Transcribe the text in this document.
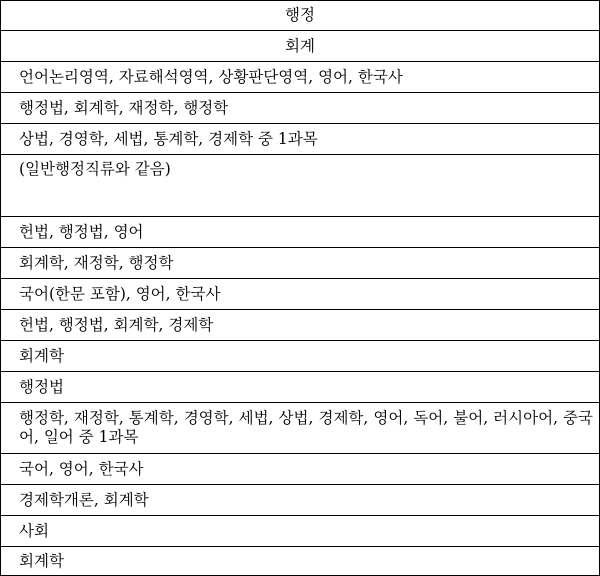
행정
회계
언어논리영역, 자료해석영역, 상황판단영역, 영어, 한국사
행정법, 회계학, 재정학, 행정학
상법, 경영학, 세법, 통계학, 경제학 중 1과목
(일반행정직류와 같음)
헌법, 행정법, 영어
회계학, 재정학, 행정학
국어(한문 포함), 영어, 한국사
헌법, 행정법, 회계학, 경제학
회계학
행정법
행정학, 재정학, 통계학, 경영학, 세법, 상법, 경제학, 영어, 독어, 불어, 러시아어, 중국어, 일어 중 1과목
국어, 영어, 한국사
경제학개론, 회계학
사회
회계학
